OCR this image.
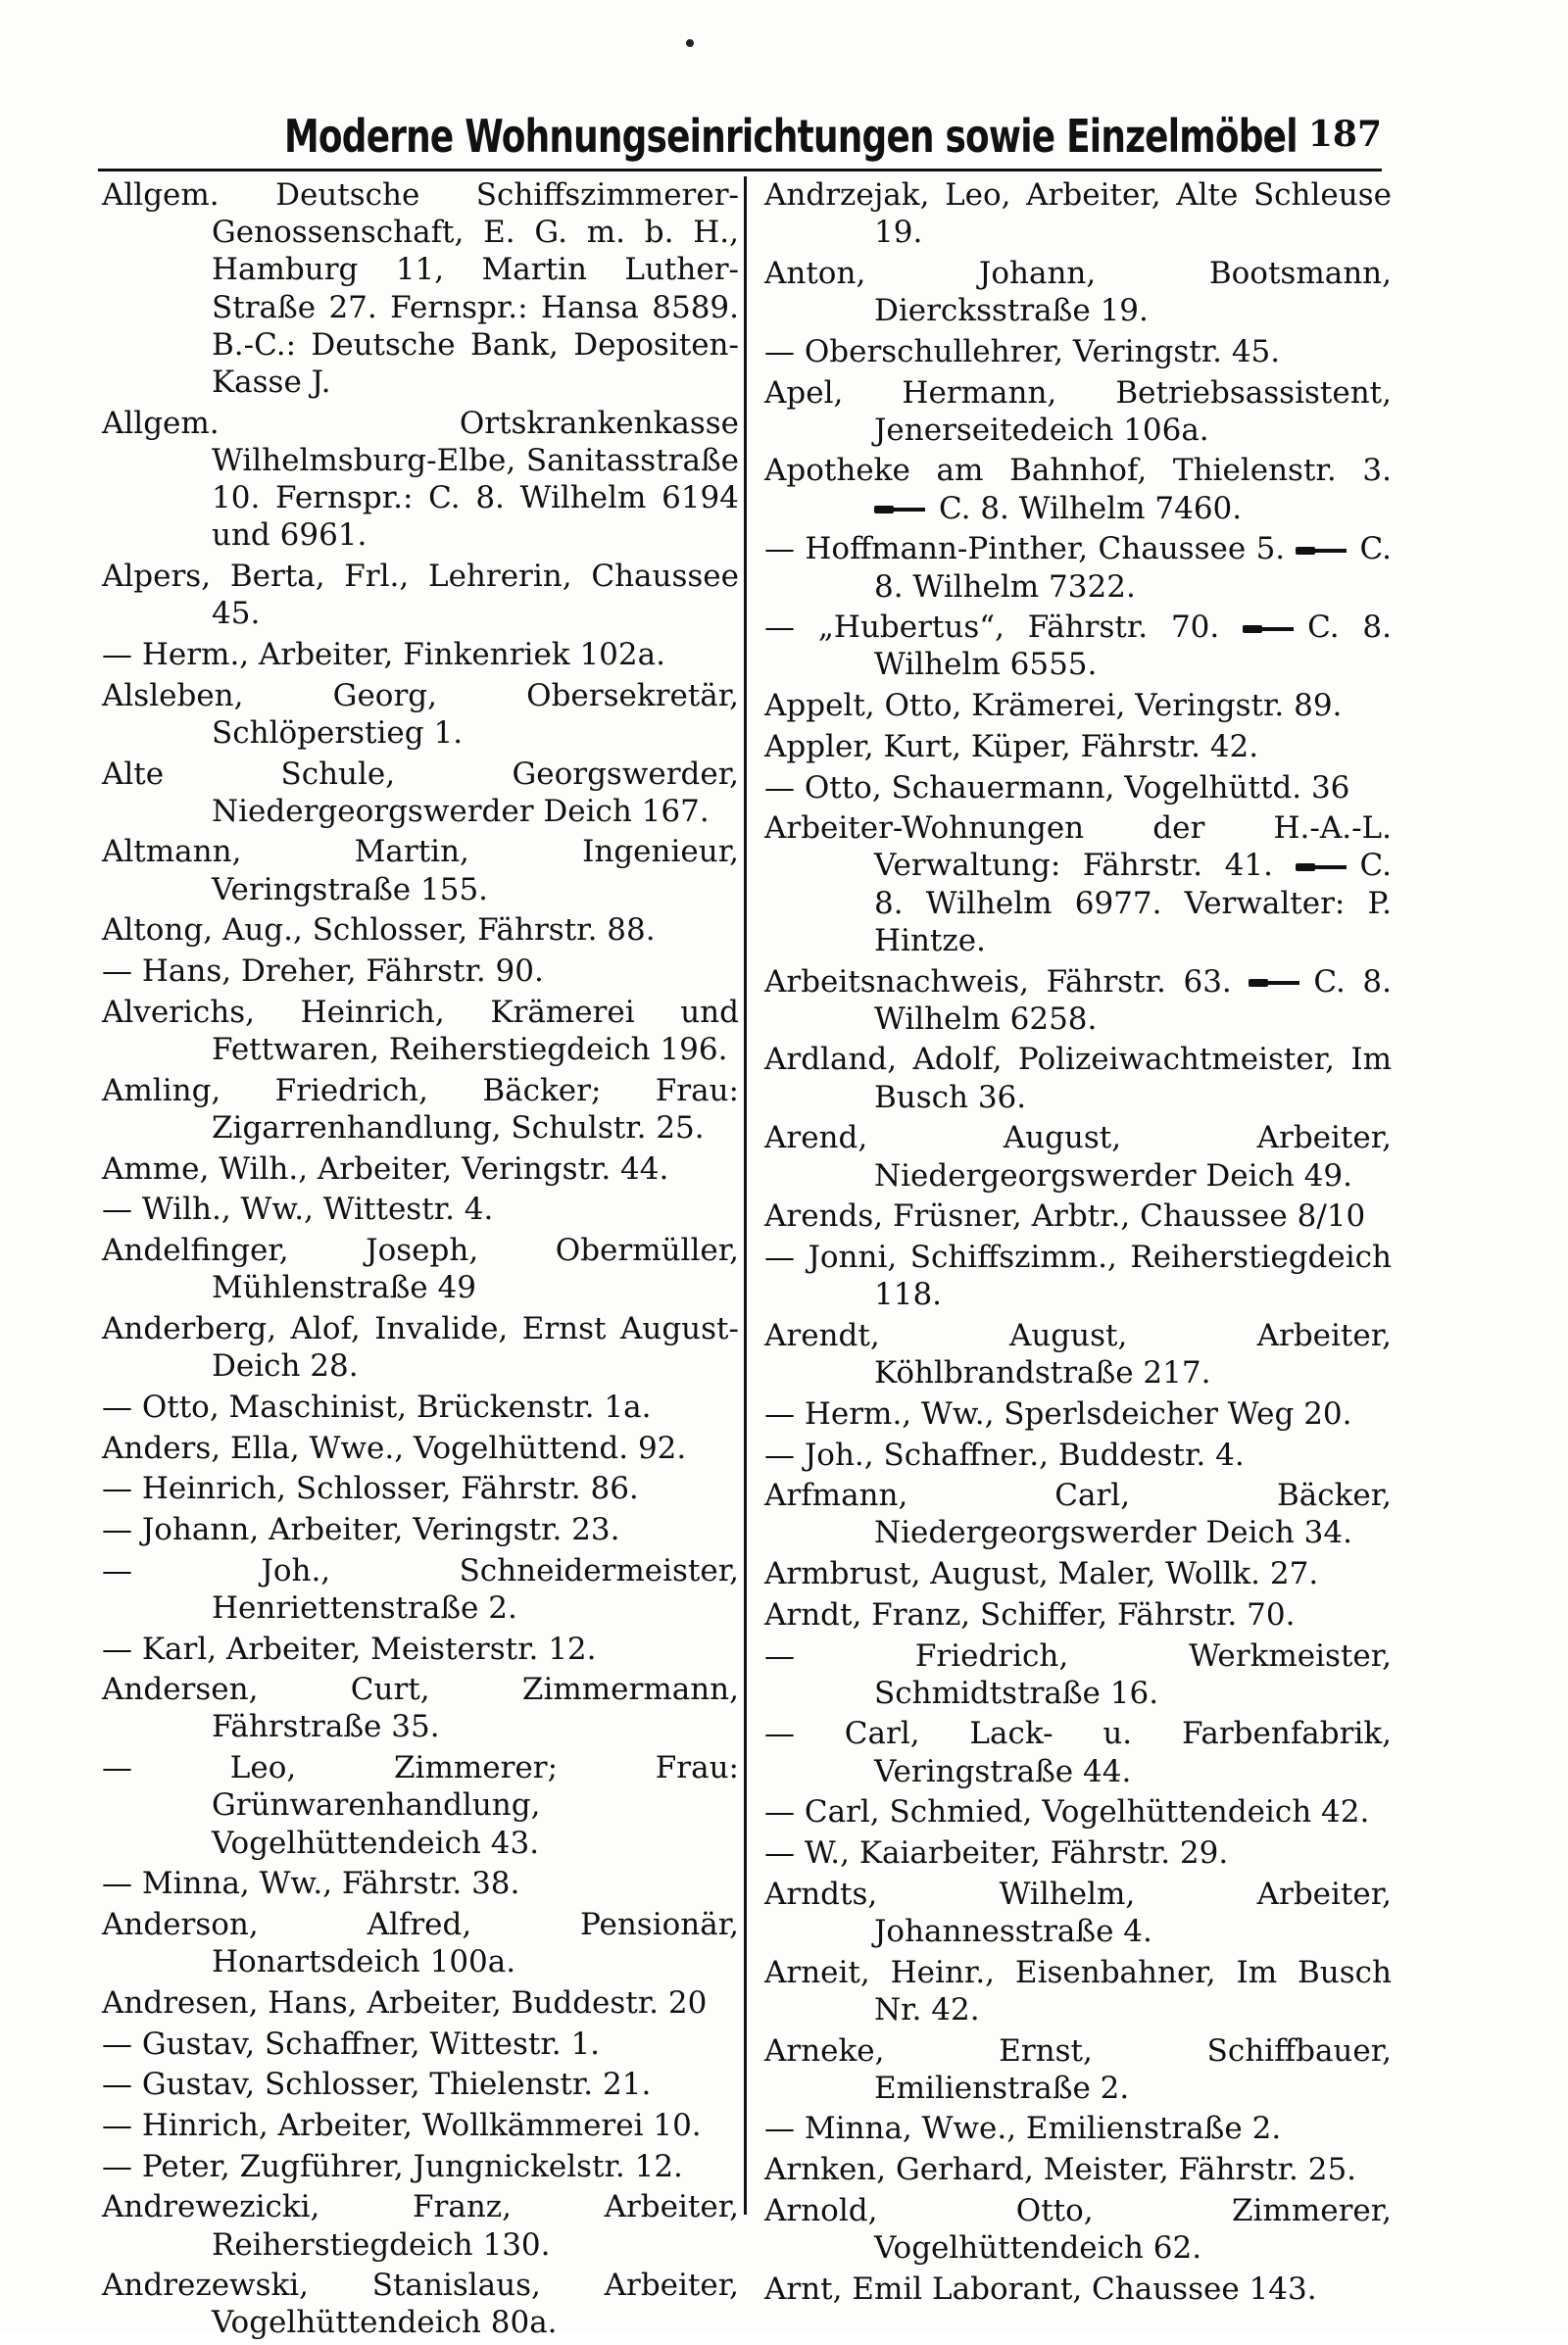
Moderne Wohnungseinrichtungen sowie Einzelmöbel 187

Allgem. Deutsche Schiffszimmerer-Genossenschaft, E. G. m. b. H., Hamburg 11, Martin Luther-Straße 27. Fernspr.: Hansa 8589. B.-C.: Deutsche Bank, Depositen-Kasse J.

Allgem. Ortskrankenkasse Wilhelmsburg-Elbe, Sanitasstraße 10. Fernspr.: C. 8. Wilhelm 6194 und 6961.

Alpers, Berta, Frl., Lehrerin, Chaussee 45.

— Herm., Arbeiter, Finkenriek 102a.

Alsleben, Georg, Obersekretär, Schlöperstieg 1.

Alte Schule, Georgswerder, Niedergeorgswerder Deich 167.

Altmann, Martin, Ingenieur, Veringstraße 155.

Altong, Aug., Schlosser, Fährstr. 88.

— Hans, Dreher, Fährstr. 90.

Alverichs, Heinrich, Krämerei und Fettwaren, Reiherstiegdeich 196.

Amling, Friedrich, Bäcker; Frau: Zigarrenhandlung, Schulstr. 25.

Amme, Wilh., Arbeiter, Veringstr. 44.

— Wilh., Ww., Wittestr. 4.

Andelfinger, Joseph, Obermüller, Mühlenstraße 49

Anderberg, Alof, Invalide, Ernst August-Deich 28.

— Otto, Maschinist, Brückenstr. 1a.

Anders, Ella, Wwe., Vogelhüttend. 92.

— Heinrich, Schlosser, Fährstr. 86.

— Johann, Arbeiter, Veringstr. 23.

— Joh., Schneidermeister, Henriettenstraße 2.

— Karl, Arbeiter, Meisterstr. 12.

Andersen, Curt, Zimmermann, Fährstraße 35.

— Leo, Zimmerer; Frau: Grünwarenhandlung, Vogelhüttendeich 43.

— Minna, Ww., Fährstr. 38.

Anderson, Alfred, Pensionär, Honartsdeich 100a.

Andresen, Hans, Arbeiter, Buddestr. 20

— Gustav, Schaffner, Wittestr. 1.

— Gustav, Schlosser, Thielenstr. 21.

— Hinrich, Arbeiter, Wollkämmerei 10.

— Peter, Zugführer, Jungnickelstr. 12.

Andrewezicki, Franz, Arbeiter, Reiherstiegdeich 130.

Andrezewski, Stanislaus, Arbeiter, Vogelhüttendeich 80a.

Andrzejak, Leo, Arbeiter, Alte Schleuse 19.

Anton, Johann, Bootsmann, Diercksstraße 19.

— Oberschullehrer, Veringstr. 45.

Apel, Hermann, Betriebsassistent, Jenerseitedeich 106a.

Apotheke am Bahnhof, Thielenstr. 3. C. 8. Wilhelm 7460.

— Hoffmann-Pinther, Chaussee 5. C. 8. Wilhelm 7322.

— „Hubertus“, Fährstr. 70.	C. 8. Wilhelm 6555.

Appelt, Otto, Krämerei, Veringstr. 89.

Appler, Kurt, Küper, Fährstr. 42.

— Otto, Schauermann, Vogelhüttd. 36

Arbeiter-Wohnungen der H.-A.-L. Verwaltung: Fährstr. 41.	C. 8. Wilhelm 6977. Verwalter: P. Hintze.

Arbeitsnachweis, Fährstr. 63.	C. 8. Wilhelm 6258.

Ardland, Adolf, Polizeiwachtmeister, Im Busch 36.

Arend, August, Arbeiter, Niedergeorgswerder Deich 49.

Arends, Früsner, Arbtr., Chaussee 8/10

— Jonni, Schiffszimm., Reiherstiegdeich 118.

Arendt, August, Arbeiter, Köhlbrandstraße 217.

— Herm., Ww., Sperlsdeicher Weg 20.

— Joh., Schaffner., Buddestr. 4.

Arfmann, Carl, Bäcker, Niedergeorgswerder Deich 34.

Armbrust, August, Maler, Wollk. 27.

Arndt, Franz, Schiffer, Fährstr. 70.

— Friedrich, Werkmeister, Schmidtstraße 16.

— Carl, Lack- u. Farbenfabrik, Veringstraße 44.

— Carl, Schmied, Vogelhüttendeich 42.

— W., Kaiarbeiter, Fährstr. 29.

Arndts, Wilhelm, Arbeiter, Johannesstraße 4.

Arneit, Heinr., Eisenbahner, Im Busch Nr. 42.

Arneke, Ernst, Schiffbauer, Emilienstraße 2.

— Minna, Wwe., Emilienstraße 2.

Arnken, Gerhard, Meister, Fährstr. 25.

Arnold, Otto, Zimmerer, Vogelhüttendeich 62.

Arnt, Emil Laborant, Chaussee 143.
